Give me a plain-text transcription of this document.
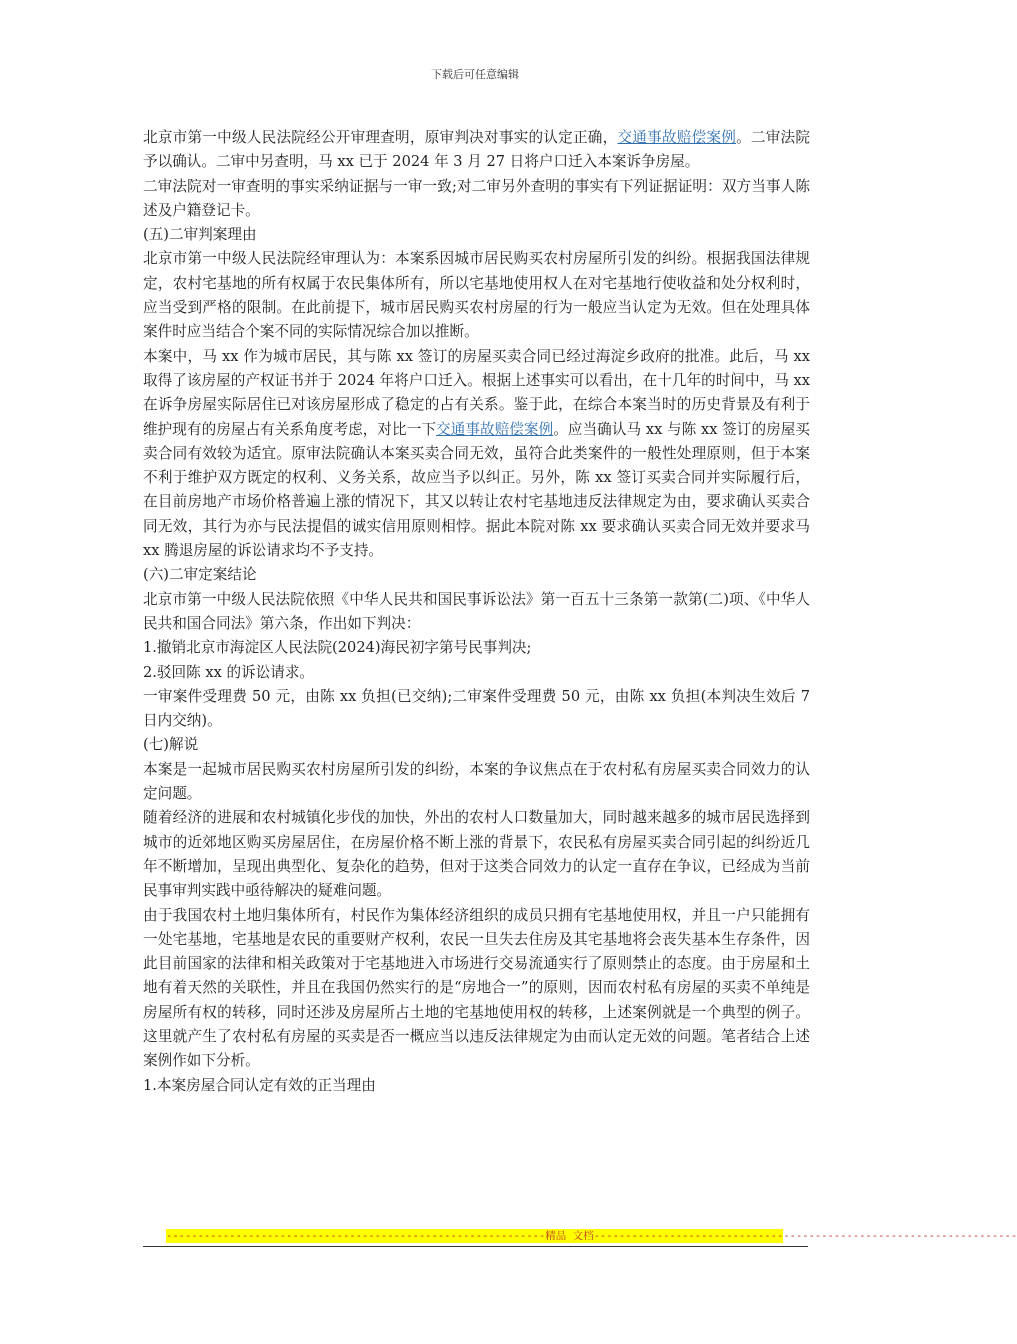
下载后可任意编辑

北京市第一中级人民法院经公开审理查明，原审判决对事实的认定正确，交通事故赔偿案例。二审法院予以确认。二审中另查明，马 xx 已于 2024 年 3 月 27 日将户口迁入本案诉争房屋。

二审法院对一审查明的事实采纳证据与一审一致;对二审另外查明的事实有下列证据证明：双方当事人陈述及户籍登记卡。

(五)二审判案理由

北京市第一中级人民法院经审理认为：本案系因城市居民购买农村房屋所引发的纠纷。根据我国法律规定，农村宅基地的所有权属于农民集体所有，所以宅基地使用权人在对宅基地行使收益和处分权利时，应当受到严格的限制。在此前提下，城市居民购买农村房屋的行为一般应当认定为无效。但在处理具体案件时应当结合个案不同的实际情况综合加以推断。

本案中，马 xx 作为城市居民，其与陈 xx 签订的房屋买卖合同已经过海淀乡政府的批准。此后，马 xx 取得了该房屋的产权证书并于 2024 年将户口迁入。根据上述事实可以看出，在十几年的时间中，马 xx 在诉争房屋实际居住已对该房屋形成了稳定的占有关系。鉴于此，在综合本案当时的历史背景及有利于维护现有的房屋占有关系角度考虑，对比一下交通事故赔偿案例。应当确认马 xx 与陈 xx 签订的房屋买卖合同有效较为适宜。原审法院确认本案买卖合同无效，虽符合此类案件的一般性处理原则，但于本案不利于维护双方既定的权利、义务关系，故应当予以纠正。另外，陈 xx 签订买卖合同并实际履行后，在目前房地产市场价格普遍上涨的情况下，其又以转让农村宅基地违反法律规定为由，要求确认买卖合同无效，其行为亦与民法提倡的诚实信用原则相悖。据此本院对陈 xx 要求确认买卖合同无效并要求马 xx 腾退房屋的诉讼请求均不予支持。

(六)二审定案结论

北京市第一中级人民法院依照《中华人民共和国民事诉讼法》第一百五十三条第一款第(二)项、《中华人民共和国合同法》第六条，作出如下判决：

1.撤销北京市海淀区人民法院(2024)海民初字第号民事判决;

2.驳回陈 xx 的诉讼请求。

一审案件受理费 50 元，由陈 xx 负担(已交纳);二审案件受理费 50 元，由陈 xx 负担(本判决生效后 7 日内交纳)。

(七)解说

本案是一起城市居民购买农村房屋所引发的纠纷，本案的争议焦点在于农村私有房屋买卖合同效力的认定问题。

随着经济的进展和农村城镇化步伐的加快，外出的农村人口数量加大，同时越来越多的城市居民选择到城市的近郊地区购买房屋居住，在房屋价格不断上涨的背景下，农民私有房屋买卖合同引起的纠纷近几年不断增加，呈现出典型化、复杂化的趋势，但对于这类合同效力的认定一直存在争议，已经成为当前民事审判实践中亟待解决的疑难问题。

由于我国农村土地归集体所有，村民作为集体经济组织的成员只拥有宅基地使用权，并且一户只能拥有一处宅基地，宅基地是农民的重要财产权利，农民一旦失去住房及其宅基地将会丧失基本生存条件，因此目前国家的法律和相关政策对于宅基地进入市场进行交易流通实行了原则禁止的态度。由于房屋和土地有着天然的关联性，并且在我国仍然实行的是“房地合一”的原则，因而农村私有房屋的买卖不单纯是房屋所有权的转移，同时还涉及房屋所占土地的宅基地使用权的转移，上述案例就是一个典型的例子。这里就产生了农村私有房屋的买卖是否一概应当以违反法律规定为由而认定无效的问题。笔者结合上述案例作如下分析。

1.本案房屋合同认定有效的正当理由

------------------------------------------------------------精品 文档-------------------------------------------------------------------
